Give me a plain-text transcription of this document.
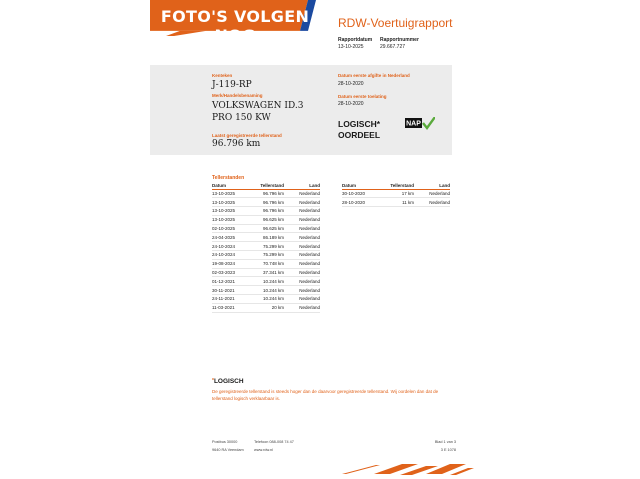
FOTO'S VOLGEN NOG
RDW-Voertuigrapport
Rapportdatum
13-10-2025
Rapportnummer
29.667.727
Kenteken
J-119-RP
Merk/Handelsbenaming
VOLKSWAGEN ID.3
PRO 150 KW
Laatst geregistreerde tellerstand
96.796 km
Datum eerste afgifte in Nederland
28-10-2020
Datum eerste toelating
28-10-2020
LOGISCH*
OORDEEL
NAP
Tellerstanden
Datum	Tellerstand	Land
13-10-2025	96.796 km	Nederland
13-10-2025	96.796 km	Nederland
13-10-2025	96.796 km	Nederland
13-10-2025	96.625 km	Nederland
02-10-2025	96.625 km	Nederland
24-04-2025	86.189 km	Nederland
24-10-2024	75.299 km	Nederland
24-10-2024	75.299 km	Nederland
19-08-2024	70.748 km	Nederland
02-03-2023	37.341 km	Nederland
01-12-2021	10.244 km	Nederland
30-11-2021	10.244 km	Nederland
24-11-2021	10.244 km	Nederland
11-03-2021	20 km	Nederland
Datum	Tellerstand	Land
30-10-2020	17 km	Nederland
28-10-2020	11 km	Nederland
*LOGISCH
De geregistreerde tellerstand is steeds hoger dan de daarvoor geregistreerde tellerstand. Wij oordelen dan dat de tellerstand logisch verklaarbaar is.
Postbus 30000
9640 RA Veendam
Telefoon 088-008 74 47
www.rdw.nl
Blad 1 van 3
3 E 1078
